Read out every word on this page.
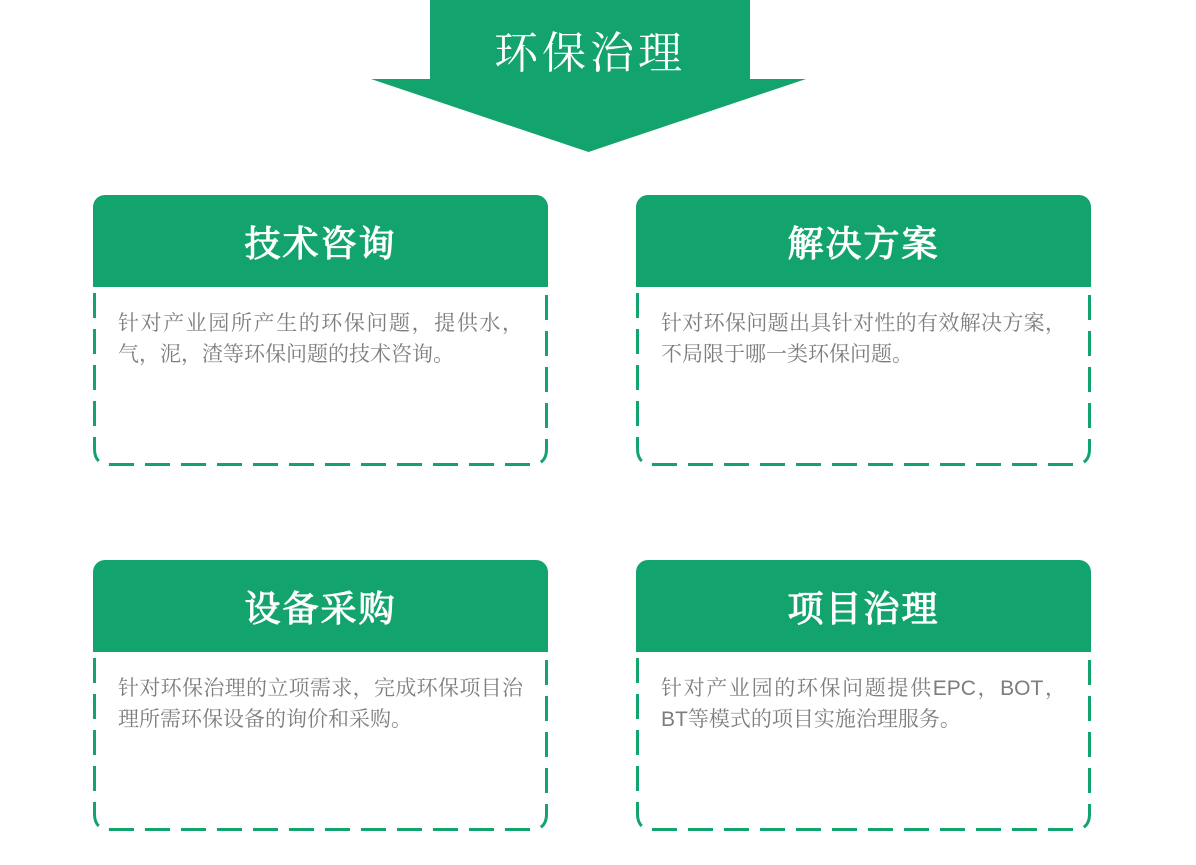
环保治理
技术咨询

针对产业园所产生的环保问题，提供水，气，泥，渣等环保问题的技术咨询。

解决方案

针对环保问题出具针对性的有效解决方案，不局限于哪一类环保问题。

设备采购

针对环保治理的立项需求，完成环保项目治理所需环保设备的询价和采购。

项目治理

针对产业园的环保问题提供EPC，BOT，BT等模式的项目实施治理服务。
